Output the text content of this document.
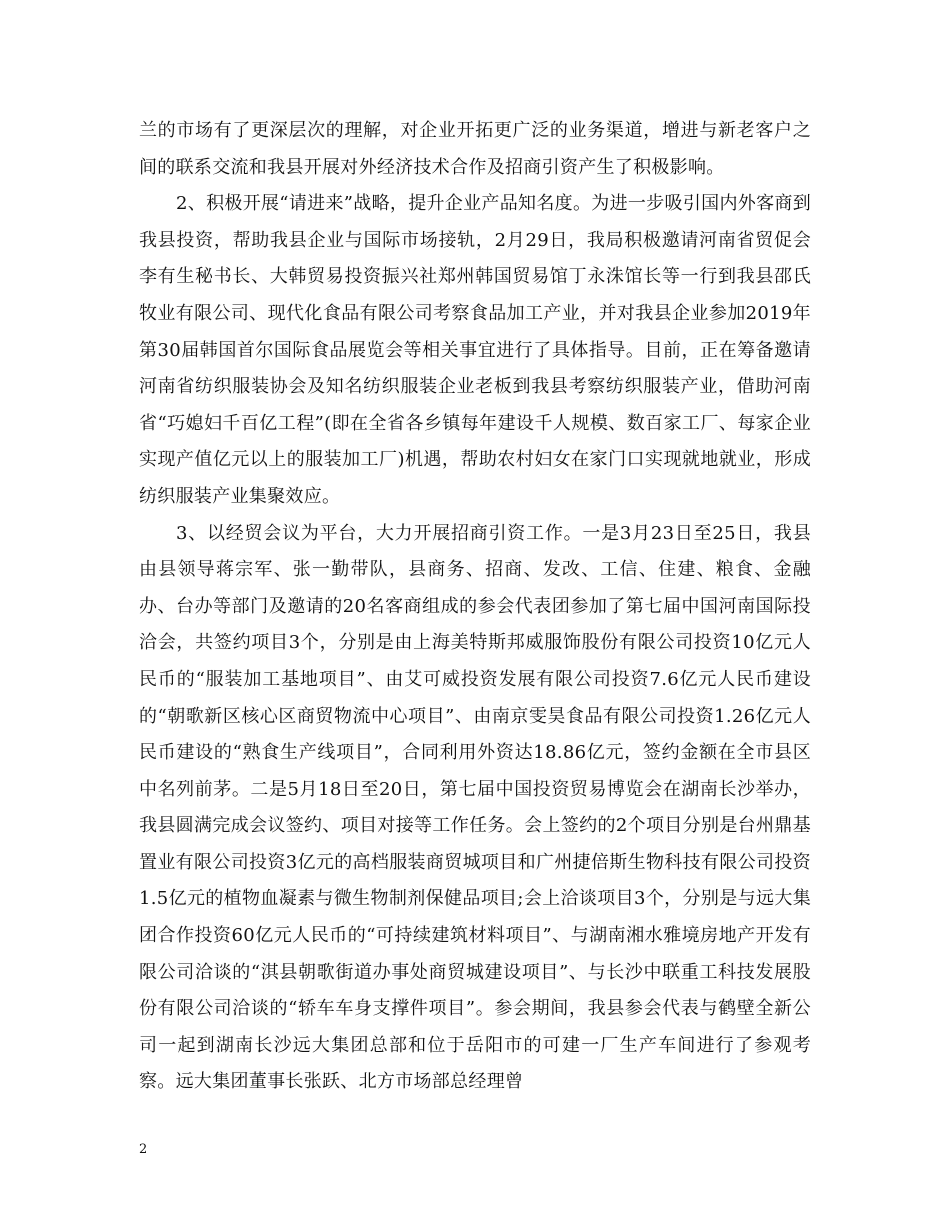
兰的市场有了更深层次的理解，对企业开拓更广泛的业务渠道，增进与新老客户之间的联系交流和我县开展对外经济技术合作及招商引资产生了积极影响。

2、积极开展“请进来”战略，提升企业产品知名度。为进一步吸引国内外客商到我县投资，帮助我县企业与国际市场接轨，2月29日，我局积极邀请河南省贸促会李有生秘书长、大韩贸易投资振兴社郑州韩国贸易馆丁永洙馆长等一行到我县邵氏牧业有限公司、现代化食品有限公司考察食品加工产业，并对我县企业参加2019年第30届韩国首尔国际食品展览会等相关事宜进行了具体指导。目前，正在筹备邀请河南省纺织服装协会及知名纺织服装企业老板到我县考察纺织服装产业，借助河南省“巧媳妇千百亿工程”(即在全省各乡镇每年建设千人规模、数百家工厂、每家企业实现产值亿元以上的服装加工厂)机遇，帮助农村妇女在家门口实现就地就业，形成纺织服装产业集聚效应。

3、以经贸会议为平台，大力开展招商引资工作。一是3月23日至25日，我县由县领导蒋宗军、张一勤带队，县商务、招商、发改、工信、住建、粮食、金融办、台办等部门及邀请的20名客商组成的参会代表团参加了第七届中国河南国际投洽会，共签约项目3个，分别是由上海美特斯邦威服饰股份有限公司投资10亿元人民币的“服装加工基地项目”、由艾可威投资发展有限公司投资7.6亿元人民币建设的“朝歌新区核心区商贸物流中心项目”、由南京雯昊食品有限公司投资1.26亿元人民币建设的“熟食生产线项目”，合同利用外资达18.86亿元，签约金额在全市县区中名列前茅。二是5月18日至20日，第七届中国投资贸易博览会在湖南长沙举办，我县圆满完成会议签约、项目对接等工作任务。会上签约的2个项目分别是台州鼎基置业有限公司投资3亿元的高档服装商贸城项目和广州捷倍斯生物科技有限公司投资1.5亿元的植物血凝素与微生物制剂保健品项目;会上洽谈项目3个，分别是与远大集团合作投资60亿元人民币的“可持续建筑材料项目”、与湖南湘水雅境房地产开发有限公司洽谈的“淇县朝歌街道办事处商贸城建设项目”、与长沙中联重工科技发展股份有限公司洽谈的“轿车车身支撑件项目”。参会期间，我县参会代表与鹤壁全新公司一起到湖南长沙远大集团总部和位于岳阳市的可建一厂生产车间进行了参观考察。远大集团董事长张跃、北方市场部总经理曾

2
